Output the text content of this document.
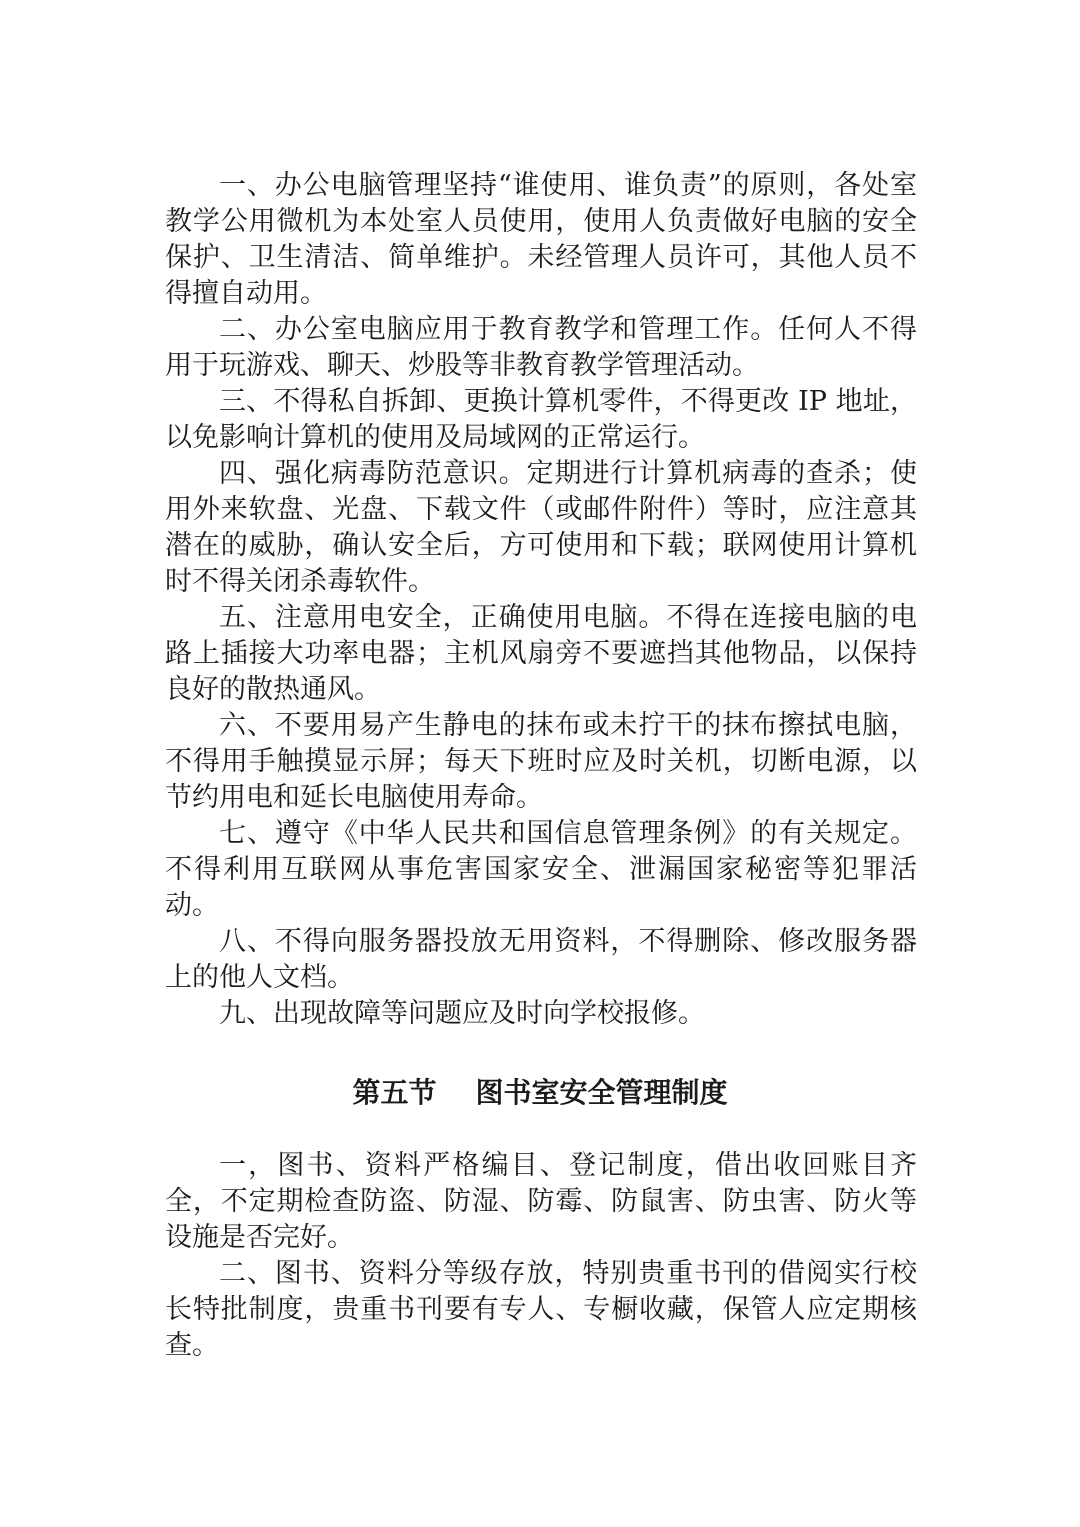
一、办公电脑管理坚持“谁使用、谁负责”的原则，各处室教学公用微机为本处室人员使用，使用人负责做好电脑的安全保护、卫生清洁、简单维护。未经管理人员许可，其他人员不得擅自动用。

二、办公室电脑应用于教育教学和管理工作。任何人不得用于玩游戏、聊天、炒股等非教育教学管理活动。

三、不得私自拆卸、更换计算机零件，不得更改 IP 地址，以免影响计算机的使用及局域网的正常运行。

四、强化病毒防范意识。定期进行计算机病毒的查杀；使用外来软盘、光盘、下载文件（或邮件附件）等时，应注意其潜在的威胁，确认安全后，方可使用和下载；联网使用计算机时不得关闭杀毒软件。

五、注意用电安全，正确使用电脑。不得在连接电脑的电路上插接大功率电器；主机风扇旁不要遮挡其他物品，以保持良好的散热通风。

六、不要用易产生静电的抹布或未拧干的抹布擦拭电脑，不得用手触摸显示屏；每天下班时应及时关机，切断电源，以节约用电和延长电脑使用寿命。

七、遵守《中华人民共和国信息管理条例》的有关规定。不得利用互联网从事危害国家安全、泄漏国家秘密等犯罪活动。

八、不得向服务器投放无用资料，不得删除、修改服务器上的他人文档。

九、出现故障等问题应及时向学校报修。

第五节    图书室安全管理制度

一，图书、资料严格编目、登记制度，借出收回账目齐全，不定期检查防盗、防湿、防霉、防鼠害、防虫害、防火等设施是否完好。

二、图书、资料分等级存放，特别贵重书刊的借阅实行校长特批制度，贵重书刊要有专人、专橱收藏，保管人应定期核查。
